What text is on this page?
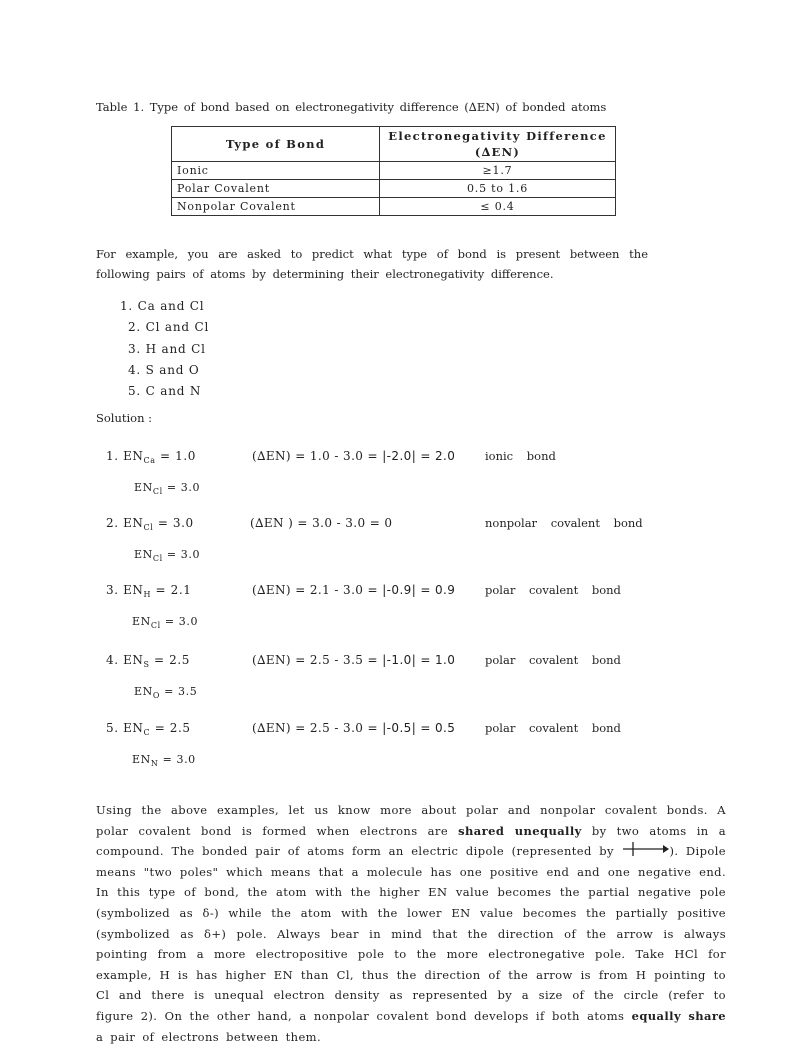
Table 1. Type of bond based on electronegativity difference (∆EN) of bonded atoms
Type of Bond	Electronegativity Difference (∆EN)
Ionic	≥1.7
Polar Covalent	0.5 to 1.6
Nonpolar Covalent	≤ 0.4
For example, you are asked to predict what type of bond is present between the following pairs of atoms by determining their electronegativity difference.
1. Ca and Cl
2. Cl and Cl
3. H and Cl
4. S and O
5. C and N
Solution :
1. $EN_{Ca} = 1.0$	(∆EN) = 1.0 - 3.0 = |-2.0| = 2.0	ionic bond
$EN_{Cl} = 3.0$
2. $EN_{Cl} = 3.0$	(∆EN ) = 3.0 - 3.0 = 0	nonpolar covalent bond
$EN_{Cl} = 3.0$
3. $EN_H = 2.1$	(∆EN) = 2.1 - 3.0 = |-0.9| = 0.9	polar covalent bond
$EN_{Cl} = 3.0$
4. $EN_S = 2.5$	(∆EN) = 2.5 - 3.5 = |-1.0| = 1.0	polar covalent bond
$EN_O = 3.5$
5. $EN_C = 2.5$	(∆EN) = 2.5 - 3.0 = |-0.5| = 0.5	polar covalent bond
$EN_N = 3.0$
Using the above examples, let us know more about polar and nonpolar covalent bonds. A polar covalent bond is formed when electrons are shared unequally by two atoms in a compound. The bonded pair of atoms form an electric dipole (represented by	). Dipole means "two poles" which means that a molecule has one positive end and one negative end. In this type of bond, the atom with the higher EN value becomes the partial negative pole (symbolized as δ-) while the atom with the lower EN value becomes the partially positive (symbolized as δ+) pole. Always bear in mind that the direction of the arrow is always pointing from a more electropositive pole to the more electronegative pole. Take HCl for example, H is has higher EN than Cl, thus the direction of the arrow is from H pointing to Cl and there is unequal electron density as represented by a size of the circle (refer to figure 2). On the other hand, a nonpolar covalent bond develops if both atoms equally share a pair of electrons between them.
